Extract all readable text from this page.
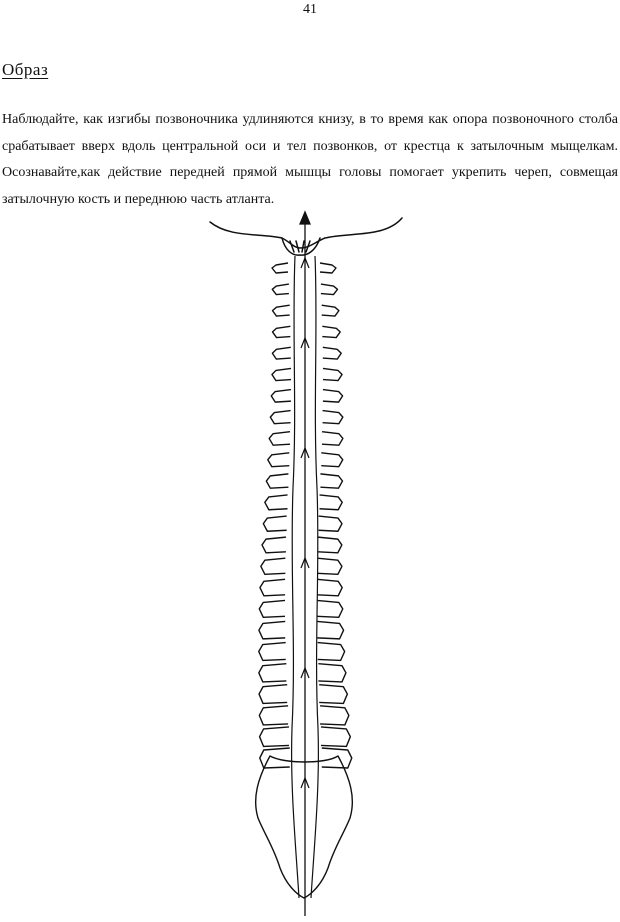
41
Образ

Наблюдайте, как изгибы позвоночника удлиняются книзу, в то время как опора позвоночного столба срабатывает вверх вдоль центральной оси и тел позвонков, от крестца к затылочным мыщелкам. Осознавайте,как действие передней прямой мышцы головы помогает укрепить череп, совмещая затылочную кость и переднюю часть атланта.
